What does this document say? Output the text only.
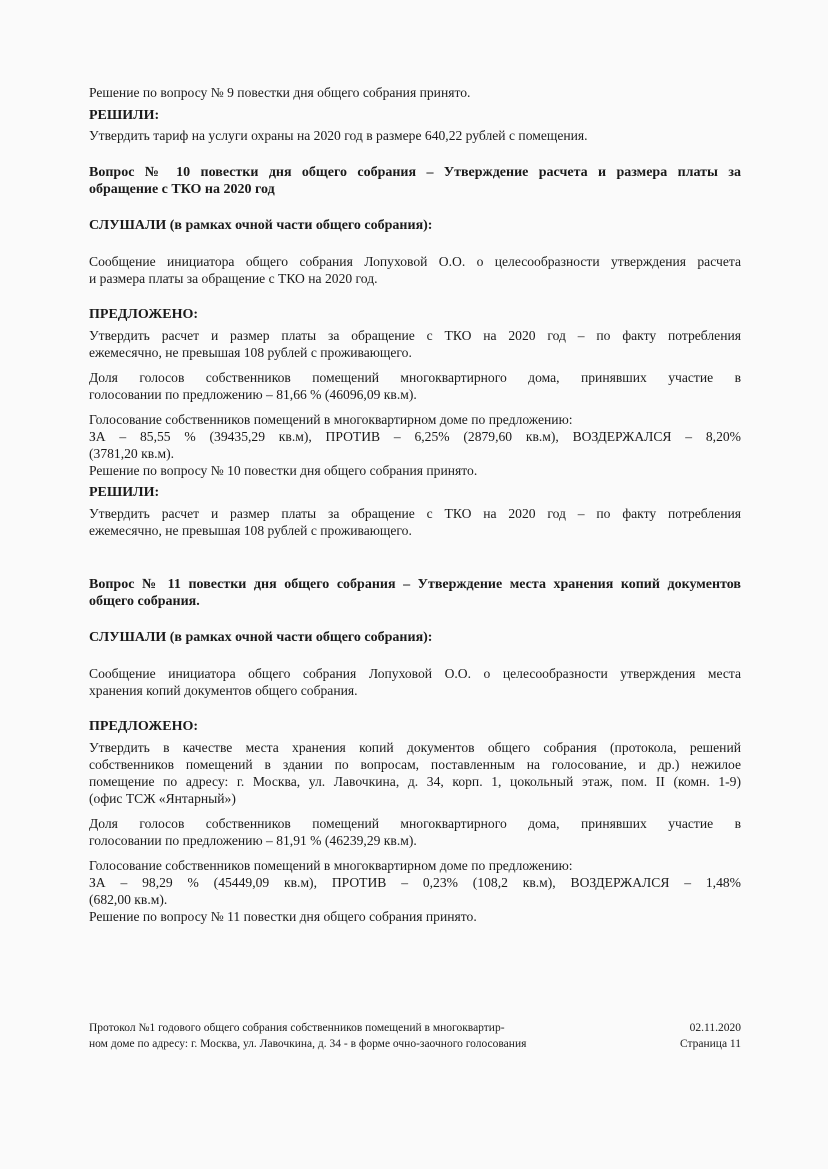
Решение по вопросу № 9 повестки дня общего собрания принято.

РЕШИЛИ:

Утвердить тариф на услуги охраны на 2020 год в размере 640,22 рублей с помещения.

Вопрос № 10 повестки дня общего собрания – Утверждение расчета и размера платы за

обращение с ТКО на 2020 год

СЛУШАЛИ (в рамках очной части общего собрания):

Сообщение инициатора общего собрания Лопуховой О.О. о целесообразности утверждения расчета

и размера платы за обращение с ТКО на 2020 год.

ПРЕДЛОЖЕНО:

Утвердить расчет и размер платы за обращение с ТКО на 2020 год – по факту потребления

ежемесячно, не превышая 108 рублей с проживающего.

Доля голосов собственников помещений многоквартирного дома, принявших участие в

голосовании по предложению – 81,66 % (46096,09 кв.м).

Голосование собственников помещений в многоквартирном доме по предложению:

ЗА – 85,55 % (39435,29 кв.м), ПРОТИВ – 6,25% (2879,60 кв.м), ВОЗДЕРЖАЛСЯ – 8,20%

(3781,20 кв.м).

Решение по вопросу № 10 повестки дня общего собрания принято.

РЕШИЛИ:

Утвердить расчет и размер платы за обращение с ТКО на 2020 год – по факту потребления

ежемесячно, не превышая 108 рублей с проживающего.

Вопрос № 11 повестки дня общего собрания – Утверждение места хранения копий документов

общего собрания.

СЛУШАЛИ (в рамках очной части общего собрания):

Сообщение инициатора общего собрания Лопуховой О.О. о целесообразности утверждения места

хранения копий документов общего собрания.

ПРЕДЛОЖЕНО:

Утвердить в качестве места хранения копий документов общего собрания (протокола, решений

собственников помещений в здании по вопросам, поставленным на голосование, и др.) нежилое

помещение по адресу: г. Москва, ул. Лавочкина, д. 34, корп. 1, цокольный этаж, пом. II (комн. 1-9)

(офис ТСЖ «Янтарный»)

Доля голосов собственников помещений многоквартирного дома, принявших участие в

голосовании по предложению – 81,91 % (46239,29 кв.м).

Голосование собственников помещений в многоквартирном доме по предложению:

ЗА – 98,29 % (45449,09 кв.м), ПРОТИВ – 0,23% (108,2 кв.м), ВОЗДЕРЖАЛСЯ – 1,48%

(682,00 кв.м).

Решение по вопросу № 11 повестки дня общего собрания принято.

Протокол №1 годового общего собрания собственников помещений в многоквартир-
ном доме по адресу: г. Москва, ул. Лавочкина, д. 34 - в форме очно-заочного голосования
02.11.2020
Страница 11
